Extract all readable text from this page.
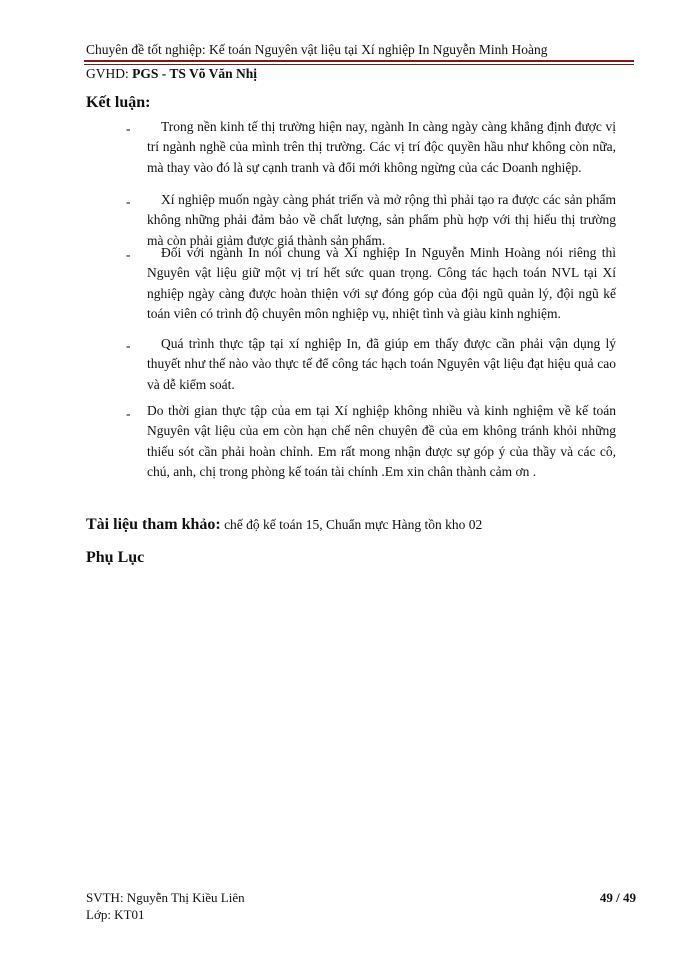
Chuyên đề tốt nghiệp: Kế toán Nguyên vật liệu tại Xí nghiệp In Nguyễn Minh Hoàng
GVHD: PGS - TS Võ Văn Nhị
Kết luận:
-	Trong nền kinh tế thị trường hiện nay, ngành In càng ngày càng khẳng định được vị trí ngành nghề của mình trên thị trường. Các vị trí độc quyền hầu như không còn nữa, mà thay vào đó là sự cạnh tranh và đổi mới không ngừng của các Doanh nghiệp.
-	Xí nghiệp muốn ngày càng phát triển và mở rộng thì phải tạo ra được các sản phẩm không những phải đảm bảo về chất lượng, sản phẩm phù hợp với thị hiếu thị trường mà còn phải giảm được giá thành sản phẩm.
-	Đối với ngành In nói chung và Xí nghiệp In Nguyễn Minh Hoàng nói riêng thì Nguyên vật liệu giữ một vị trí hết sức quan trọng. Công tác hạch toán NVL tại Xí nghiệp ngày càng được hoàn thiện với sự đóng góp của đội ngũ quản lý, đội ngũ kế toán viên có trình độ chuyên môn nghiệp vụ, nhiệt tình và giàu kinh nghiệm.
-	Quá trình thực tập tại xí nghiệp In, đã giúp em thấy được cần phải vận dụng lý thuyết như thế nào vào thực tế để công tác hạch toán Nguyên vật liệu đạt hiệu quả cao và dễ kiểm soát.
-	Do thời gian thực tập của em tại Xí nghiệp không nhiều và kinh nghiệm về kế toán Nguyên vật liệu của em còn hạn chế nên chuyên đề của em không tránh khỏi những thiếu sót cần phải hoàn chỉnh. Em rất mong nhận được sự góp ý của thầy và các cô, chú, anh, chị trong phòng kế toán tài chính .Em xin chân thành cảm ơn .
Tài liệu tham khảo: chế độ kế toán 15, Chuẩn mực Hàng tồn kho 02
Phụ Lục
SVTH: Nguyễn Thị Kiều Liên
Lớp: KT01
49 / 49
